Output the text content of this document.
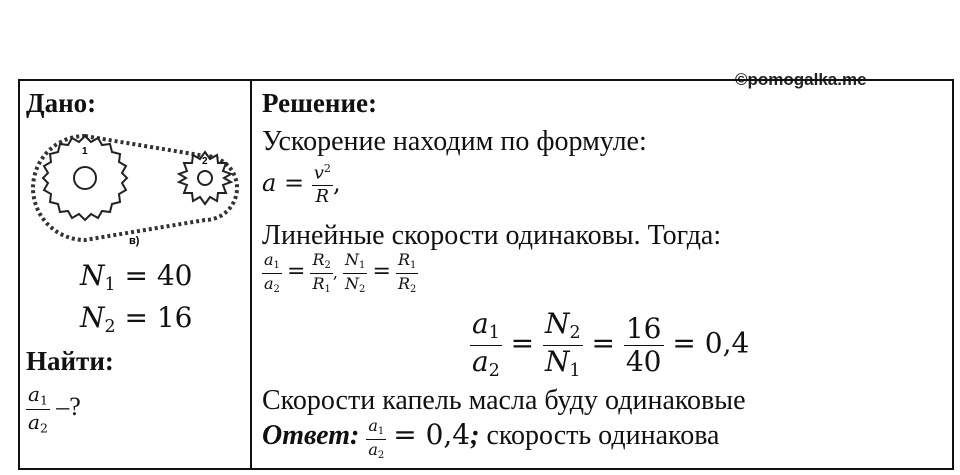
©pomogalka.me
Дано:
1
2
в)
$N_1 = 40$
$N_2 = 16$
Найти:
$\frac{a_1}{a_2}$ –?
Решение:
Ускорение находим по формуле:
$a = \frac{v^2}{R}$ ,
Линейные скорости одинаковы. Тогда:
$\frac{a_1}{a_2} = \frac{R_2}{R_1}$ , $\frac{N_1}{N_2} = \frac{R_1}{R_2}$
$\frac{a_1}{a_2} = \frac{N_2}{N_1} = \frac{16}{40} = 0,4$
Скорости капель масла буду одинаковые
Ответ: $\frac{a_1}{a_2} = 0,4$; скорость одинакова
